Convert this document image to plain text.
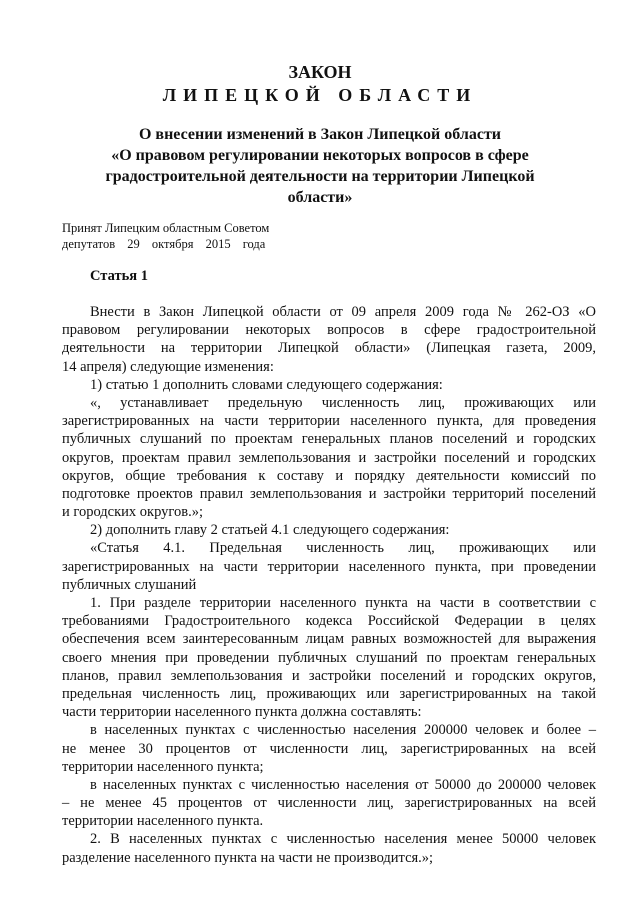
ЗАКОН
ЛИПЕЦКОЙ ОБЛАСТИ
О внесении изменений в Закон Липецкой области
«О правовом регулировании некоторых вопросов в сфере
градостроительной деятельности на территории Липецкой
области»
Принят Липецким областным Советом
депутатов 29 октября 2015 года
Статья 1
Внести в Закон Липецкой области от 09 апреля 2009 года № 262-ОЗ «О
правовом регулировании некоторых вопросов в сфере градостроительной
деятельности на территории Липецкой области» (Липецкая газета, 2009,
14 апреля) следующие изменения:
1) статью 1 дополнить словами следующего содержания:
«, устанавливает предельную численность лиц, проживающих или
зарегистрированных на части территории населенного пункта, для проведения
публичных слушаний по проектам генеральных планов поселений и городских
округов, проектам правил землепользования и застройки поселений и городских
округов, общие требования к составу и порядку деятельности комиссий по
подготовке проектов правил землепользования и застройки территорий поселений
и городских округов.»;
2) дополнить главу 2 статьей 4.1 следующего содержания:
«Статья 4.1. Предельная численность лиц, проживающих или
зарегистрированных на части территории населенного пункта, при проведении
публичных слушаний
1. При разделе территории населенного пункта на части в соответствии с
требованиями Градостроительного кодекса Российской Федерации в целях
обеспечения всем заинтересованным лицам равных возможностей для выражения
своего мнения при проведении публичных слушаний по проектам генеральных
планов, правил землепользования и застройки поселений и городских округов,
предельная численность лиц, проживающих или зарегистрированных на такой
части территории населенного пункта должна составлять:
в населенных пунктах с численностью населения 200000 человек и более –
не менее 30 процентов от численности лиц, зарегистрированных на всей
территории населенного пункта;
в населенных пунктах с численностью населения от 50000 до 200000 человек
– не менее 45 процентов от численности лиц, зарегистрированных на всей
территории населенного пункта.
2. В населенных пунктах с численностью населения менее 50000 человек
разделение населенного пункта на части не производится.»;
